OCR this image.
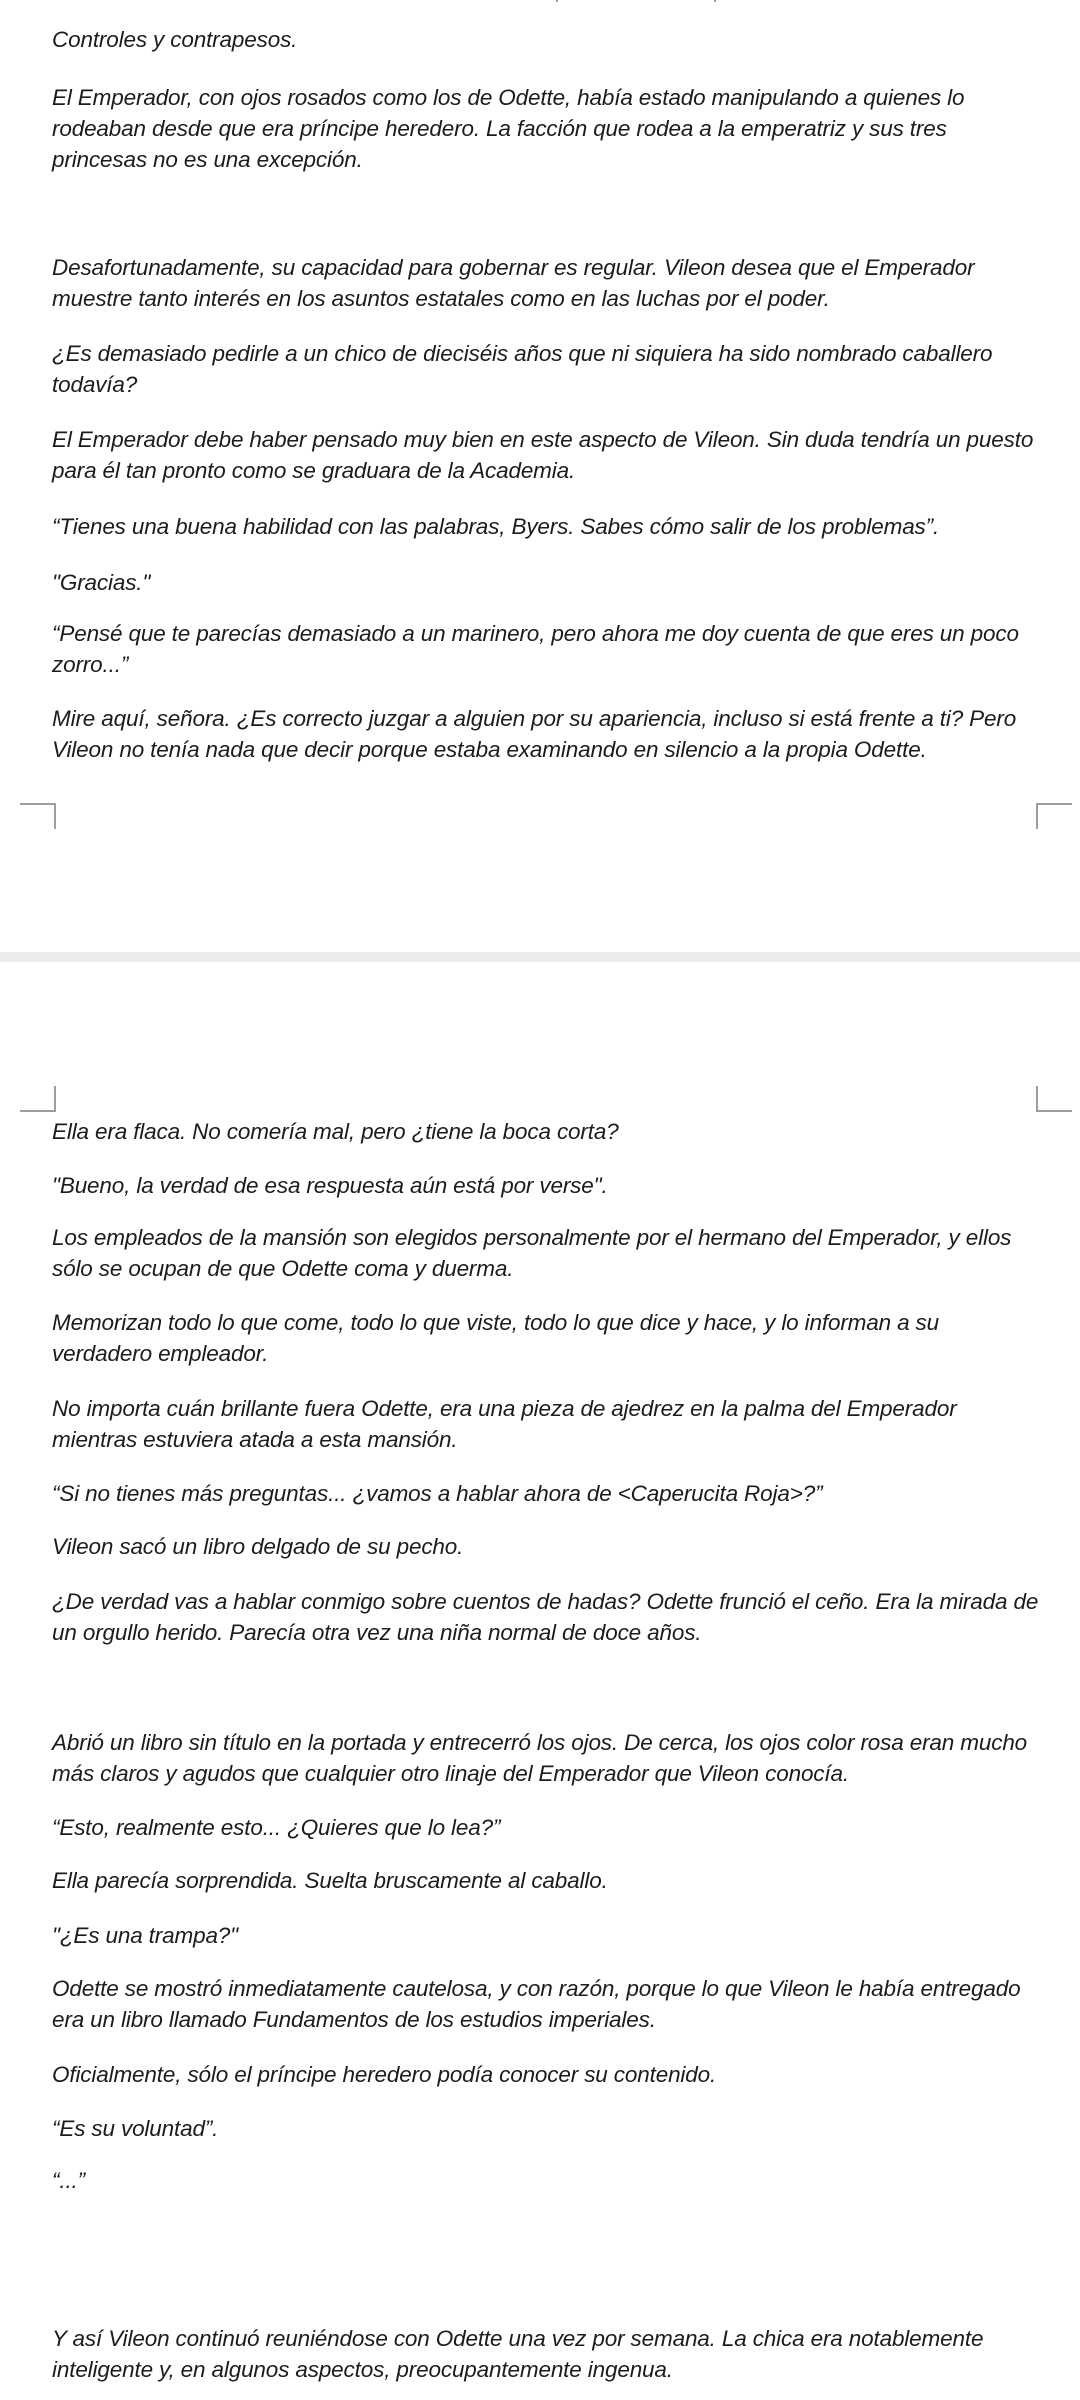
Controles y contrapesos.

El Emperador, con ojos rosados como los de Odette, había estado manipulando a quienes lo rodeaban desde que era príncipe heredero. La facción que rodea a la emperatriz y sus tres princesas no es una excepción.

Desafortunadamente, su capacidad para gobernar es regular. Vileon desea que el Emperador muestre tanto interés en los asuntos estatales como en las luchas por el poder.

¿Es demasiado pedirle a un chico de dieciséis años que ni siquiera ha sido nombrado caballero todavía?

El Emperador debe haber pensado muy bien en este aspecto de Vileon. Sin duda tendría un puesto para él tan pronto como se graduara de la Academia.

“Tienes una buena habilidad con las palabras, Byers. Sabes cómo salir de los problemas”.

"Gracias."

“Pensé que te parecías demasiado a un marinero, pero ahora me doy cuenta de que eres un poco zorro...”

Mire aquí, señora. ¿Es correcto juzgar a alguien por su apariencia, incluso si está frente a ti? Pero Vileon no tenía nada que decir porque estaba examinando en silencio a la propia Odette.

Ella era flaca. No comería mal, pero ¿tiene la boca corta?

"Bueno, la verdad de esa respuesta aún está por verse".

Los empleados de la mansión son elegidos personalmente por el hermano del Emperador, y ellos sólo se ocupan de que Odette coma y duerma.

Memorizan todo lo que come, todo lo que viste, todo lo que dice y hace, y lo informan a su verdadero empleador.

No importa cuán brillante fuera Odette, era una pieza de ajedrez en la palma del Emperador mientras estuviera atada a esta mansión.

“Si no tienes más preguntas... ¿vamos a hablar ahora de <Caperucita Roja>?”

Vileon sacó un libro delgado de su pecho.

¿De verdad vas a hablar conmigo sobre cuentos de hadas? Odette frunció el ceño. Era la mirada de un orgullo herido. Parecía otra vez una niña normal de doce años.

Abrió un libro sin título en la portada y entrecerró los ojos. De cerca, los ojos color rosa eran mucho más claros y agudos que cualquier otro linaje del Emperador que Vileon conocía.

“Esto, realmente esto... ¿Quieres que lo lea?”

Ella parecía sorprendida. Suelta bruscamente al caballo.

"¿Es una trampa?"

Odette se mostró inmediatamente cautelosa, y con razón, porque lo que Vileon le había entregado era un libro llamado Fundamentos de los estudios imperiales.

Oficialmente, sólo el príncipe heredero podía conocer su contenido.

“Es su voluntad”.

“...”

Y así Vileon continuó reuniéndose con Odette una vez por semana. La chica era notablemente inteligente y, en algunos aspectos, preocupantemente ingenua.
